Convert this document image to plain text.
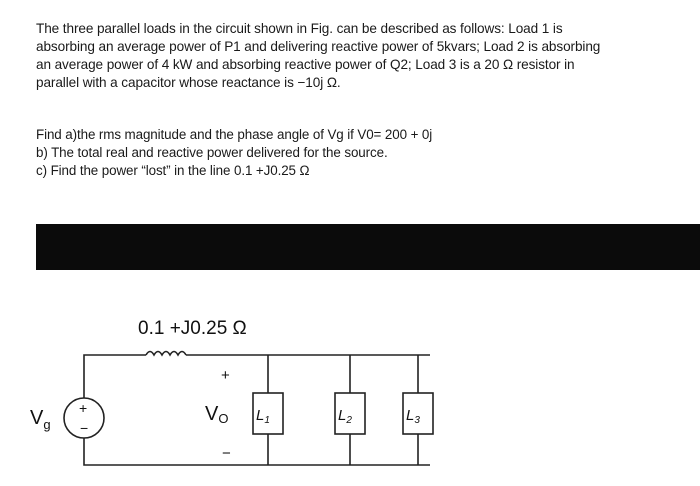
The three parallel loads in the circuit shown in Fig. can be described as follows: Load 1 is

absorbing an average power of P1 and delivering reactive power of 5kvars; Load 2 is absorbing

an average power of 4 kW and absorbing reactive power of Q2; Load 3 is a 20 Ω resistor in

parallel with a capacitor whose reactance is −10j Ω.

Find a)the rms magnitude and the phase angle of Vg if V0= 200 + 0j

b) The total real and reactive power delivered for the source.

c) Find the power “lost” in the line 0.1 +J0.25 Ω

0.1 +J0.25 Ω
+
−
$V_g$
+
VO
−
$L_1$	$L_2$	$L_3$
